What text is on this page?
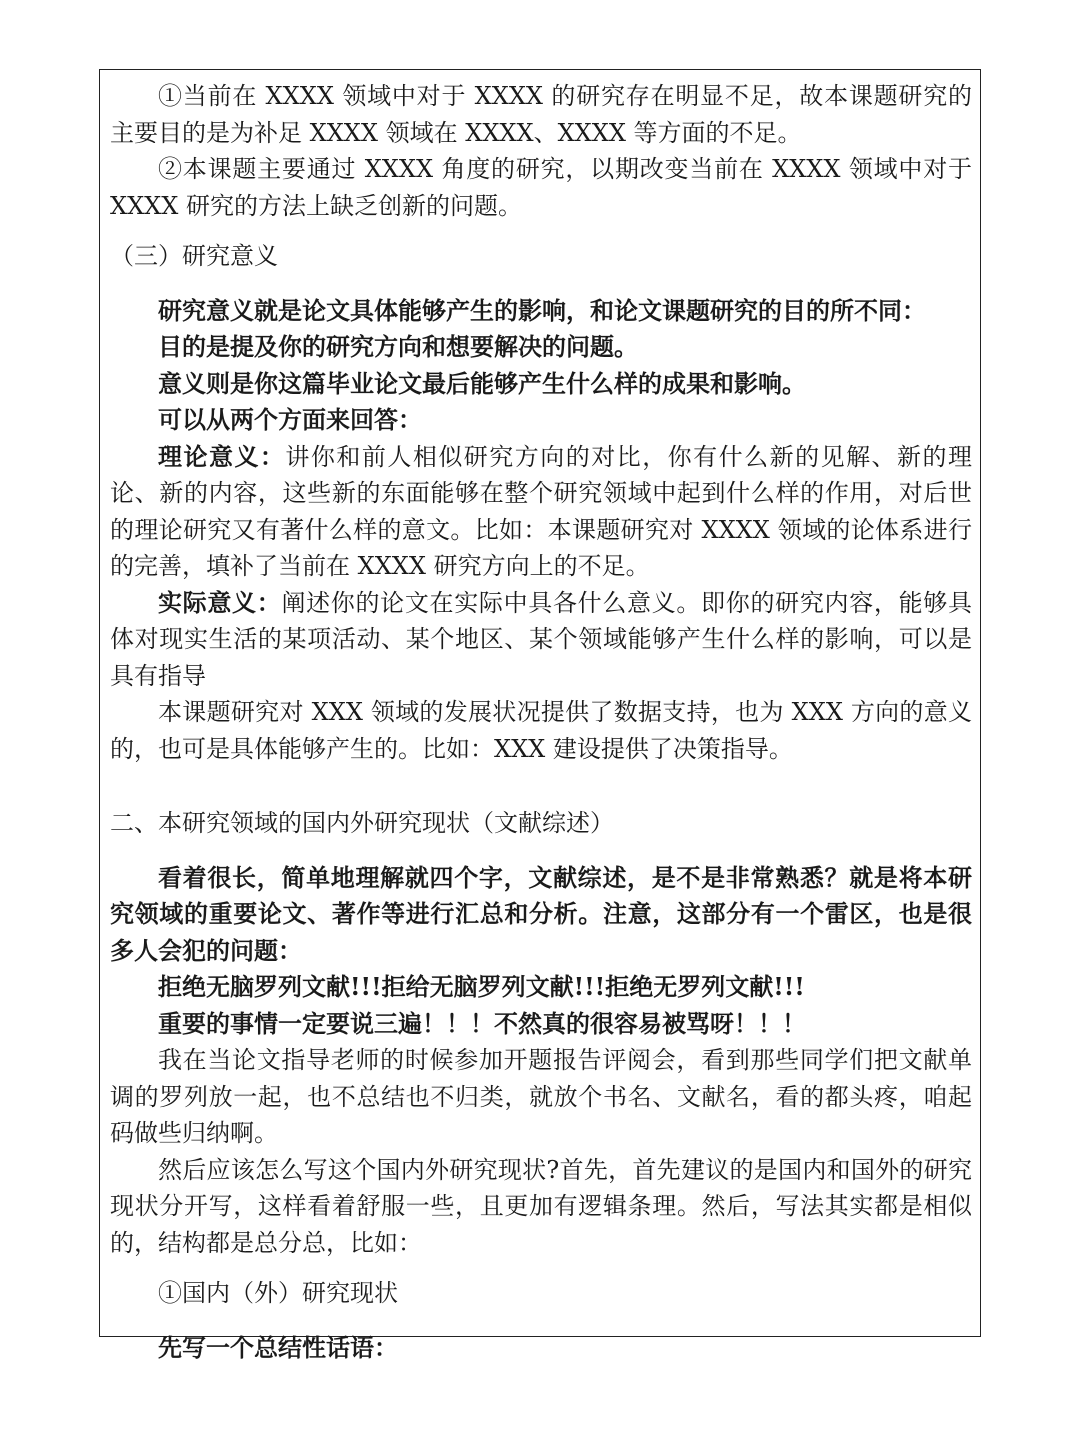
①当前在 XXXX 领域中对于 XXXX 的研究存在明显不足，故本课题研究的主要目的是为补足 XXXX 领域在 XXXX、XXXX 等方面的不足。

②本课题主要通过 XXXX 角度的研究，以期改变当前在 XXXX 领域中对于 XXXX 研究的方法上缺乏创新的问题。

（三）研究意义

研究意义就是论文具体能够产生的影响，和论文课题研究的目的所不同：

目的是提及你的研究方向和想要解决的问题。

意义则是你这篇毕业论文最后能够产生什么样的成果和影响。

可以从两个方面来回答：

理论意义：讲你和前人相似研究方向的对比，你有什么新的见解、新的理论、新的内容，这些新的东面能够在整个研究领域中起到什么样的作用，对后世的理论研究又有著什么样的意文。比如：本课题研究对 XXXX 领域的论体系进行的完善，填补了当前在 XXXX 研究方向上的不足。

实际意义：阐述你的论文在实际中具各什么意义。即你的研究内容，能够具体对现实生活的某项活动、某个地区、某个领域能够产生什么样的影响，可以是具有指导

本课题研究对 XXX 领域的发展状况提供了数据支持，也为 XXX 方向的意义的，也可是具体能够产生的。比如：XXX 建设提供了决策指导。

二、本研究领域的国内外研究现状（文献综述）

看着很长，简单地理解就四个字，文献综述，是不是非常熟悉？就是将本研究领域的重要论文、著作等进行汇总和分析。注意，这部分有一个雷区，也是很多人会犯的问题：

拒绝无脑罗列文献!!!拒给无脑罗列文献!!!拒绝无罗列文献!!!

重要的事情一定要说三遍！！！不然真的很容易被骂呀！！！

我在当论文指导老师的时候参加开题报告评阅会，看到那些同学们把文献单调的罗列放一起，也不总结也不归类，就放个书名、文献名，看的都头疼，咱起码做些归纳啊。

然后应该怎么写这个国内外研究现状?首先，首先建议的是国内和国外的研究现状分开写，这样看着舒服一些，且更加有逻辑条理。然后，写法其实都是相似的，结构都是总分总，比如：

①国内（外）研究现状

先写一个总结性话语：
